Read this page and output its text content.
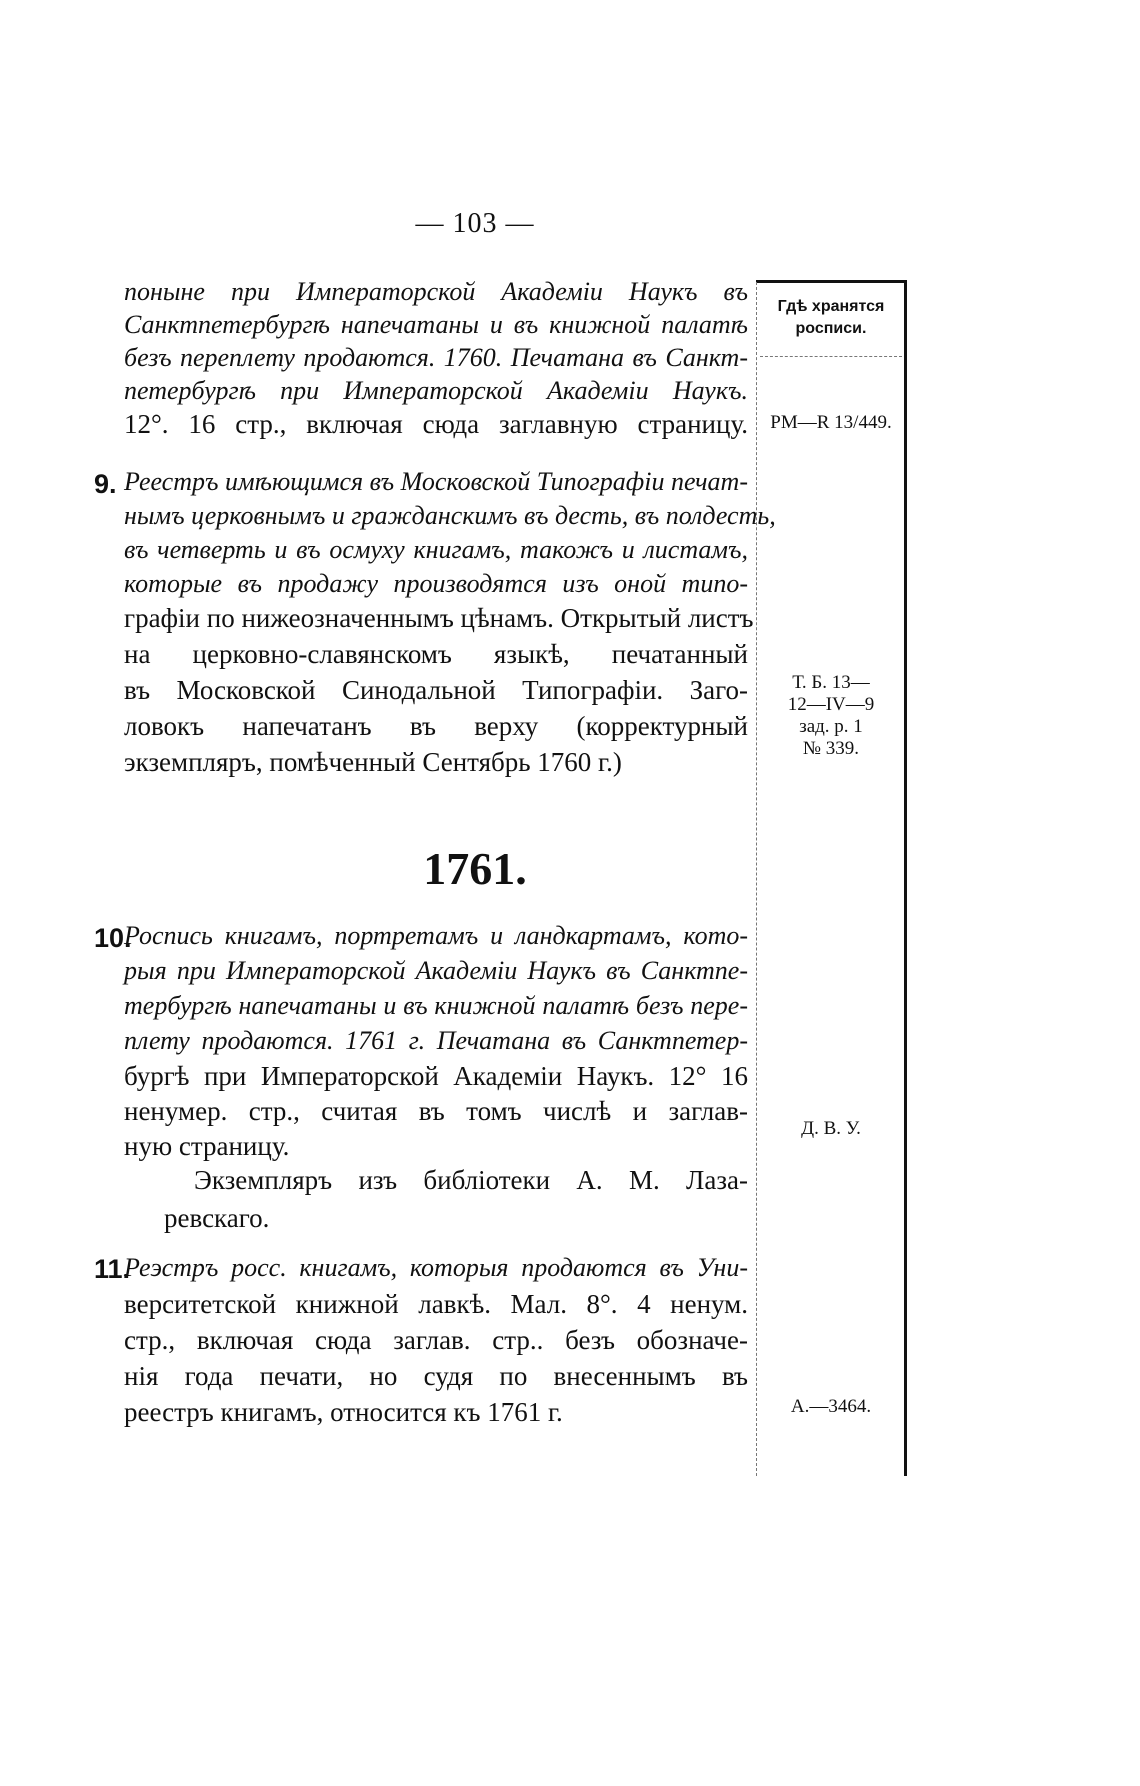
— 103 —
Гдѣ хранятся росписи.
поныне при Императорской Академіи Наукъ въ
Санктпетербургѣ напечатаны и въ книжной палатѣ
безъ переплету продаются. 1760. Печатана въ Санкт-
петербургѣ при Императорской Академіи Наукъ.
12°. 16 стр., включая сюда заглавную страницу.	РМ—R 13/449.
9. Реестръ имѣющимся въ Московской Типографіи печат-
нымъ церковнымъ и гражданскимъ въ десть, въ полдесть,
въ четверть и въ осмуху книгамъ, такожъ и листамъ,
которые въ продажу производятся изъ оной типо-
графіи по нижеозначеннымъ цѣнамъ. Открытый листъ
на церковно-славянскомъ языкѣ, печатанный
въ Московской Синодальной Типографіи. Заго-
ловокъ напечатанъ въ верху (корректурный
экземпляръ, помѣченный Сентябрь 1760 г.)
Т. Б. 13—
12—IV—9
зад. р. 1
№ 339.
1761.
10.
Роспись книгамъ, портретамъ и ландкартамъ, кото-
рыя при Императорской Академіи Наукъ въ Санктпе-
тербургѣ напечатаны и въ книжной палатѣ безъ пере-
плету продаются. 1761 г. Печатана въ Санктпетер-
бургѣ при Императорской Академіи Наукъ. 12° 16
ненумер. стр., считая въ томъ числѣ и заглав-
ную страницу.
Д. В. У.
Экземпляръ изъ библіотеки А. М. Лаза-
ревскаго.
11.
Реэстръ росс. книгамъ, которыя продаются въ Уни-
верситетской книжной лавкѣ. Мал. 8°. 4 ненум.
стр., включая сюда заглав. стр.. безъ обозначе-
нія года печати, но судя по внесеннымъ въ
реестръ книгамъ, относится къ 1761 г.	А.—3464.
